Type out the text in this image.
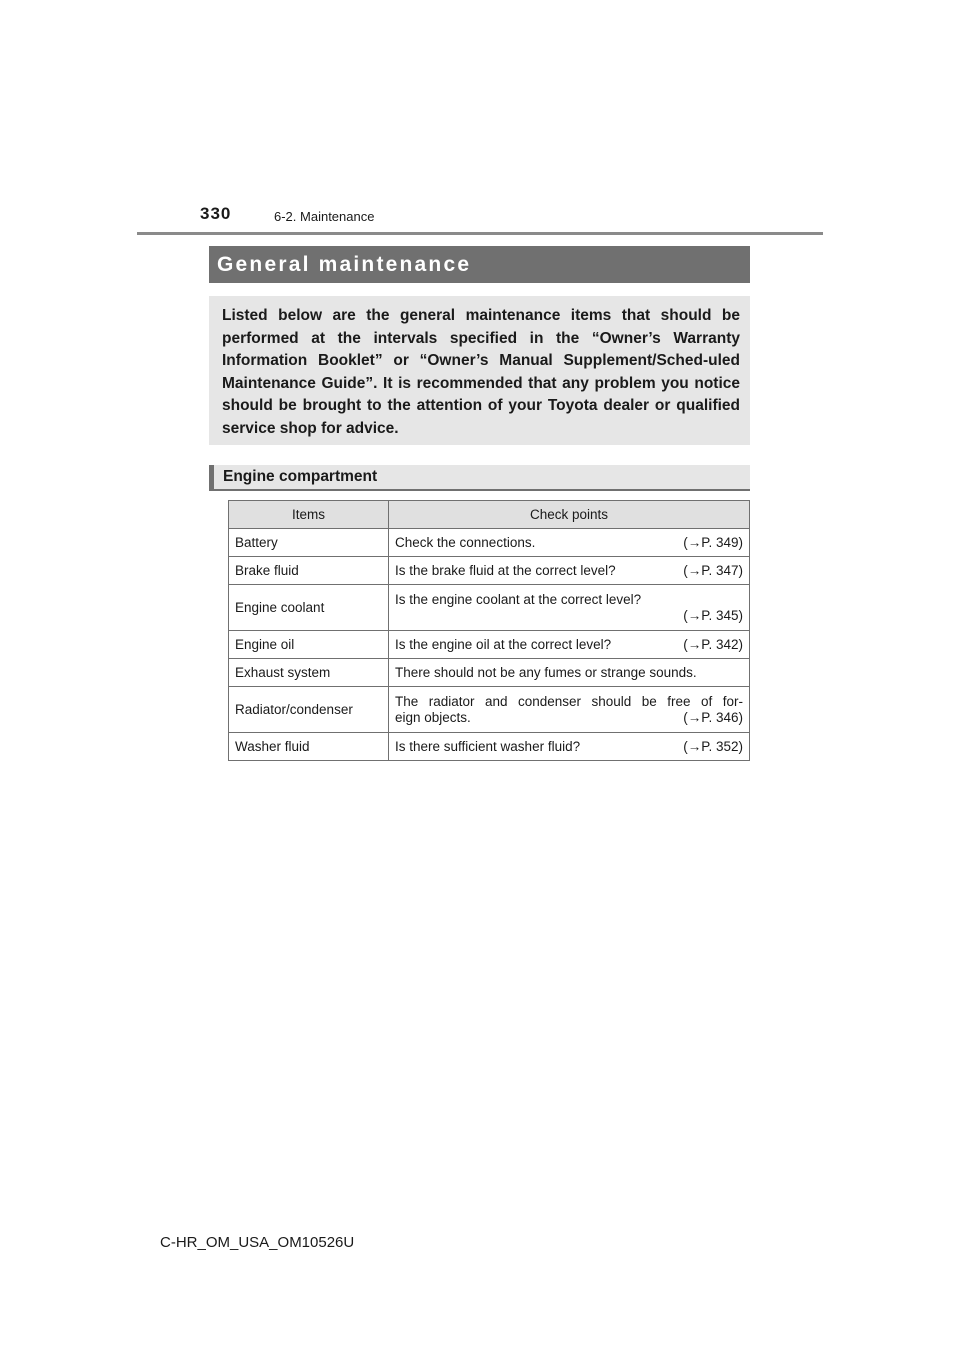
330	6-2. Maintenance
General maintenance

Listed below are the general maintenance items that should be performed at the intervals specified in the “Owner’s Warranty Information Booklet” or “Owner’s Manual Supplement/Sched-uled Maintenance Guide”. It is recommended that any problem you notice should be brought to the attention of your Toyota dealer or qualified service shop for advice.

Engine compartment
Items	Check points
Battery	Check the connections. (→P. 349)

Brake fluid	Is the brake fluid at the correct level? (→P. 347)

Engine coolant	Is the engine coolant at the correct level?
(→P. 345)

Engine oil	Is the engine oil at the correct level? (→P. 342)

Exhaust system	There should not be any fumes or strange sounds.
Radiator/condenser	The radiator and condenser should be free of for-
eign objects. (→P. 346)

Washer fluid	Is there sufficient washer fluid? (→P. 352)
C-HR_OM_USA_OM10526U
